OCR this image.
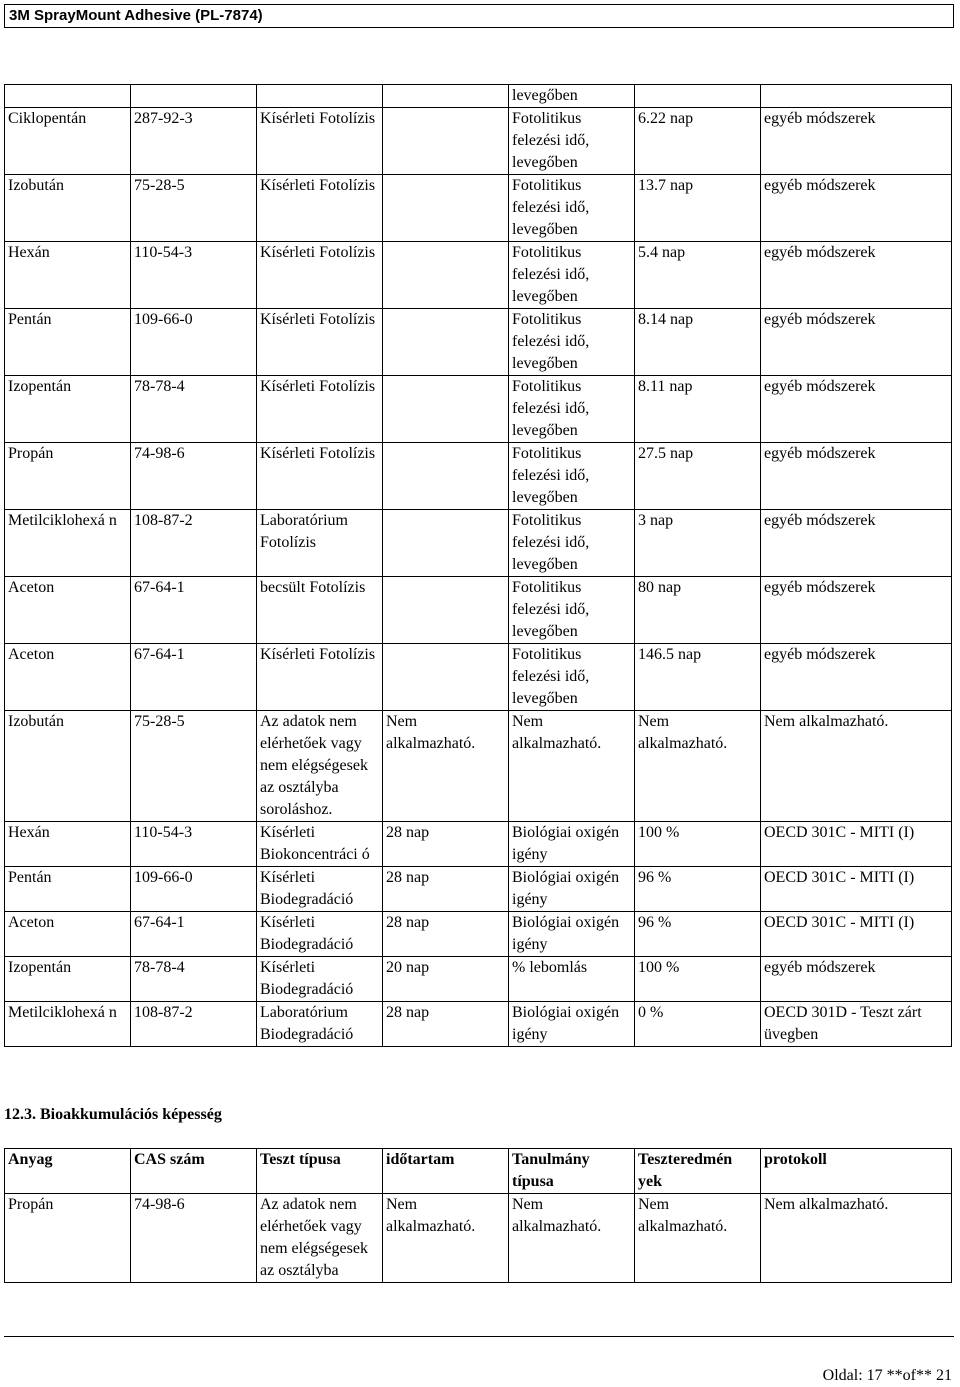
3M SprayMount Adhesive (PL-7874)
				levegőben		
Ciklopentán	287-92-3	Kísérleti Fotolízis		Fotolitikus felezési idő, levegőben	6.22 nap	egyéb módszerek
Izobután	75-28-5	Kísérleti Fotolízis		Fotolitikus felezési idő, levegőben	13.7 nap	egyéb módszerek
Hexán	110-54-3	Kísérleti Fotolízis		Fotolitikus felezési idő, levegőben	5.4 nap	egyéb módszerek
Pentán	109-66-0	Kísérleti Fotolízis		Fotolitikus felezési idő, levegőben	8.14 nap	egyéb módszerek
Izopentán	78-78-4	Kísérleti Fotolízis		Fotolitikus felezési idő, levegőben	8.11 nap	egyéb módszerek
Propán	74-98-6	Kísérleti Fotolízis		Fotolitikus felezési idő, levegőben	27.5 nap	egyéb módszerek
Metilciklohexá n	108-87-2	Laboratórium Fotolízis		Fotolitikus felezési idő, levegőben	3 nap	egyéb módszerek
Aceton	67-64-1	becsült Fotolízis		Fotolitikus felezési idő, levegőben	80 nap	egyéb módszerek
Aceton	67-64-1	Kísérleti Fotolízis		Fotolitikus felezési idő, levegőben	146.5 nap	egyéb módszerek
Izobután	75-28-5	Az adatok nem elérhetőek vagy nem elégségesek az osztályba soroláshoz.	Nem alkalmazható.	Nem alkalmazható.	Nem alkalmazható.	Nem alkalmazható.
Hexán	110-54-3	Kísérleti Biokoncentráci ó	28 nap	Biológiai oxigén igény	100 %	OECD 301C - MITI (I)
Pentán	109-66-0	Kísérleti Biodegradáció	28 nap	Biológiai oxigén igény	96 %	OECD 301C - MITI (I)
Aceton	67-64-1	Kísérleti Biodegradáció	28 nap	Biológiai oxigén igény	96 %	OECD 301C - MITI (I)
Izopentán	78-78-4	Kísérleti Biodegradáció	20 nap	% lebomlás	100 %	egyéb módszerek
Metilciklohexá n	108-87-2	Laboratórium Biodegradáció	28 nap	Biológiai oxigén igény	0 %	OECD 301D - Teszt zárt üvegben
12.3. Bioakkumulációs képesség
Anyag	CAS szám	Teszt típusa	időtartam	Tanulmány típusa	Teszteredmén yek	protokoll
Propán	74-98-6	Az adatok nem elérhetőek vagy nem elégségesek az osztályba	Nem alkalmazható.	Nem alkalmazható.	Nem alkalmazható.	Nem alkalmazható.
Oldal: 17 **of** 21
